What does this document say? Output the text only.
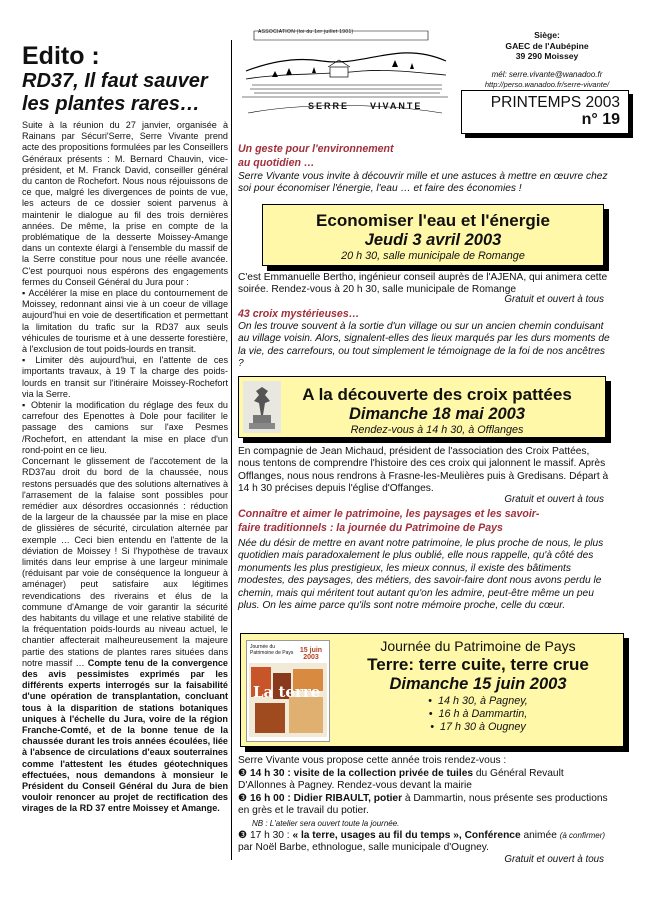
Edito :
RD37, Il faut sauver les plantes rares…

Suite à la réunion du 27 janvier, organisée à Rainans par Sécuri'Serre, Serre Vivante prend acte des propositions formulées par les Conseillers Généraux présents : M. Bernard Chauvin, vice-président, et M. Franck David, conseiller général du canton de Rochefort. Nous nous réjouissons de ce que, malgré les divergences de points de vue, les acteurs de ce dossier soient parvenus à maintenir le dialogue au fil des trois dernières années. De même, la prise en compte de la problématique de la desserte Moissey-Amange dans un contexte élargi à l'ensemble du massif de la Serre constitue pour nous une réelle avancée. C'est pourquoi nous espérons des engagements fermes du Conseil Général du Jura pour :

▪ Accélérer la mise en place du contournement de Moissey, redonnant ainsi vie à un coeur de village aujourd'hui en voie de desertification et permettant la limitation du trafic sur la RD37 aux seuls véhicules de tourisme et à une desserte forestière, à l'exclusion de tout poids-lourds en transit.

▪ Limiter dès aujourd'hui, en l'attente de ces importants travaux, à 19 T la charge des poids-lourds en transit sur l'itinéraire Moissey-Rochefort via la Serre.

▪ Obtenir la modification du réglage des feux du carrefour des Epenottes à Dole pour faciliter le passage des camions sur l'axe Pesmes /Rochefort, en attendant la mise en place d'un rond-point en ce lieu.

Concernant le glissement de l'accotement de la RD37au droit du bord de la chaussée, nous restons persuadés que des solutions alternatives à l'arrasement de la falaise sont possibles pour remédier aux désordres occasionnés : réduction de la largeur de la chaussée par la mise en place de glissières de sécurité, circulation alternée par exemple … Ceci bien entendu en l'attente de la déviation de Moissey ! Si l'hypothèse de travaux limités dans leur emprise à une largeur minimale (réduisant par voie de conséquence la longueur à aménager) peut satisfaire aux légitimes revendications des riverains et élus de la commune d'Amange de voir garantir la sécurité des habitants du village et une relative stabilité de la fréquentation poids-lourds au niveau actuel, le chantier affecterait malheureusement la majeure partie des stations de plantes rares situées dans notre massif … Compte tenu de la convergence des avis pessimistes exprimés par les différents experts interrogés sur la faisabilité d'une opération de transplantation, concluant tous à la disparition de stations botaniques uniques à l'échelle du Jura, voire de la région Franche-Comté, et de la bonne tenue de la chaussée durant les trois années écoulées, liée à l'absence de circulations d'eaux souterraines comme l'attestent les études géotechniques effectuées, nous demandons à monsieur le Président du Conseil Général du Jura de bien vouloir renoncer au projet de rectification des virages de la RD 37 entre Moissey et Amange.

ASSOCIATION (loi du 1er juillet 1901)
SERRE VIVANTE
Siège:
GAEC de l'Aubépine
39 290 Moissey
mél: serre.vivante@wanadoo.fr
http://perso.wanadoo.fr/serre-vivante/
PRINTEMPS 2003
n° 19
Un geste pour l'environnement
au quotidien …
Serre Vivante vous invite à découvrir mille et une astuces à mettre en œuvre chez soi pour économiser l'énergie, l'eau … et faire des économies !
Economiser l'eau et l'énergie
Jeudi 3 avril 2003
20 h 30, salle municipale de Romange
C'est Emmanuelle Bertho, ingénieur conseil auprès de l'AJENA, qui animera cette soirée. Rendez-vous à 20 h 30, salle municipale de Romange
Gratuit et ouvert à tous
43 croix mystérieuses…
On les trouve souvent à la sortie d'un village ou sur un ancien chemin conduisant au village voisin. Alors, signalent-elles des lieux marqués par les durs moments de la vie, des carrefours, ou tout simplement le témoignage de la foi de nos ancêtres ?
A la découverte des croix pattées
Dimanche 18 mai 2003
Rendez-vous à 14 h 30, à Offlanges
En compagnie de Jean Michaud, président de l'association des Croix Pattées, nous tentons de comprendre l'histoire des ces croix qui jalonnent le massif. Après Offlanges, nous nous rendrons à Frasne-les-Meulières puis à Gredisans. Départ à 14 h 30 précises depuis l'église d'Offanges.
Gratuit et ouvert à tous
Connaître et aimer le patrimoine, les paysages et les savoir-
faire traditionnels : la journée du Patrimoine de Pays
Née du désir de mettre en avant notre patrimoine, le plus proche de nous, le plus quotidien mais paradoxalement le plus oublié, elle nous rappelle, qu'à côté des monuments les plus prestigieux, les mieux connus, il existe des bâtiments modestes, des paysages, des métiers, des savoir-faire dont nous avons perdu le chemin, mais qui méritent tout autant qu'on les admire, peut-être même un peu plus. On les aime parce qu'ils sont notre mémoire proche, celle du cœur.
Journée du Patrimoine de Pays 15 juin 2003
La terre
Journée du Patrimoine de Pays
Terre: terre cuite, terre crue
Dimanche 15 juin 2003
•  14 h 30, à Pagney,
•  16 h à Dammartin,
•  17 h 30 à Ougney
Serre Vivante vous propose cette année trois rendez-vous :
❸ 14 h 30 : visite de la collection privée de tuiles du Général Revault D'Allonnes à Pagney. Rendez-vous devant la mairie
❸ 16 h 00 : Didier RIBAULT, potier à Dammartin, nous présente ses productions en grès et le travail du potier.
NB : L'atelier sera ouvert toute la journée.
❸ 17 h 30 : « la terre, usages au fil du temps », Conférence animée (à confirmer) par Noël Barbe, ethnologue, salle municipale d'Ougney.
Gratuit et ouvert à tous
